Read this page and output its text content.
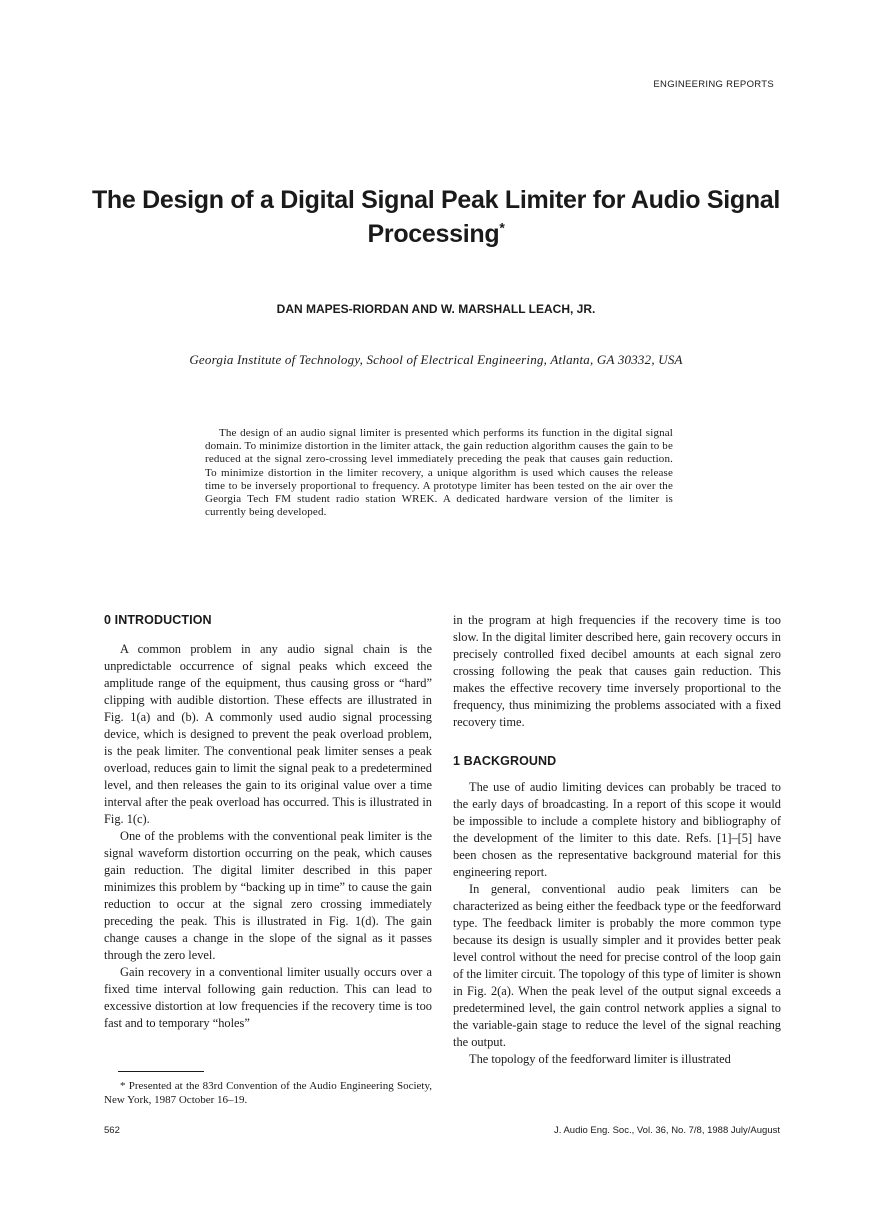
ENGINEERING REPORTS
The Design of a Digital Signal Peak Limiter for Audio Signal Processing*
DAN MAPES-RIORDAN AND W. MARSHALL LEACH, JR.
Georgia Institute of Technology, School of Electrical Engineering, Atlanta, GA 30332, USA

The design of an audio signal limiter is presented which performs its function in the digital signal domain. To minimize distortion in the limiter attack, the gain reduction algorithm causes the gain to be reduced at the signal zero-crossing level immediately preceding the peak that causes gain reduction. To minimize distortion in the limiter recovery, a unique algorithm is used which causes the release time to be inversely proportional to frequency. A prototype limiter has been tested on the air over the Georgia Tech FM student radio station WREK. A dedicated hardware version of the limiter is currently being developed.

0 INTRODUCTION

A common problem in any audio signal chain is the unpredictable occurrence of signal peaks which exceed the amplitude range of the equipment, thus causing gross or “hard” clipping with audible distortion. These effects are illustrated in Fig. 1(a) and (b). A commonly used audio signal processing device, which is designed to prevent the peak overload problem, is the peak limiter. The conventional peak limiter senses a peak overload, reduces gain to limit the signal peak to a predetermined level, and then releases the gain to its original value over a time interval after the peak overload has occurred. This is illustrated in Fig. 1(c).

One of the problems with the conventional peak limiter is the signal waveform distortion occurring on the peak, which causes gain reduction. The digital limiter described in this paper minimizes this problem by “backing up in time” to cause the gain reduction to occur at the signal zero crossing immediately preceding the peak. This is illustrated in Fig. 1(d). The gain change causes a change in the slope of the signal as it passes through the zero level.

Gain recovery in a conventional limiter usually occurs over a fixed time interval following gain reduction. This can lead to excessive distortion at low frequencies if the recovery time is too fast and to temporary “holes”

in the program at high frequencies if the recovery time is too slow. In the digital limiter described here, gain recovery occurs in precisely controlled fixed decibel amounts at each signal zero crossing following the peak that causes gain reduction. This makes the effective recovery time inversely proportional to the frequency, thus minimizing the problems associated with a fixed recovery time.

1 BACKGROUND

The use of audio limiting devices can probably be traced to the early days of broadcasting. In a report of this scope it would be impossible to include a complete history and bibliography of the development of the limiter to this date. Refs. [1]–[5] have been chosen as the representative background material for this engineering report.

In general, conventional audio peak limiters can be characterized as being either the feedback type or the feedforward type. The feedback limiter is probably the more common type because its design is usually simpler and it provides better peak level control without the need for precise control of the loop gain of the limiter circuit. The topology of this type of limiter is shown in Fig. 2(a). When the peak level of the output signal exceeds a predetermined level, the gain control network applies a signal to the variable-gain stage to reduce the level of the signal reaching the output.

The topology of the feedforward limiter is illustrated

* Presented at the 83rd Convention of the Audio Engineering Society, New York, 1987 October 16–19.

562	J. Audio Eng. Soc., Vol. 36, No. 7/8, 1988 July/August
